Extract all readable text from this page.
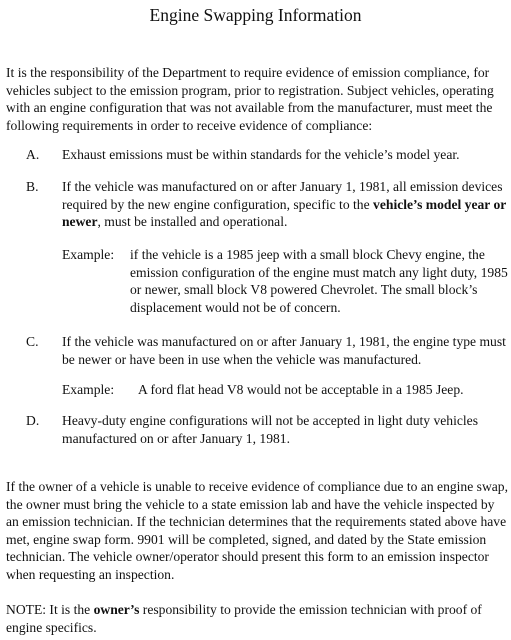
Engine Swapping Information
It is the responsibility of the Department to require evidence of emission compliance, for vehicles subject to the emission program, prior to registration. Subject vehicles, operating with an engine configuration that was not available from the manufacturer, must meet the following requirements in order to receive evidence of compliance:
A.	Exhaust emissions must be within standards for the vehicle’s model year.
B.	If the vehicle was manufactured on or after January 1, 1981, all emission devices required by the new engine configuration, specific to the vehicle’s model year or newer, must be installed and operational.
Example: if the vehicle is a 1985 jeep with a small block Chevy engine, the emission configuration of the engine must match any light duty, 1985 or newer, small block V8 powered Chevrolet. The small block’s displacement would not be of concern.
C.	If the vehicle was manufactured on or after January 1, 1981, the engine type must be newer or have been in use when the vehicle was manufactured.
Example: A ford flat head V8 would not be acceptable in a 1985 Jeep.
D.	Heavy-duty engine configurations will not be accepted in light duty vehicles manufactured on or after January 1, 1981.
If the owner of a vehicle is unable to receive evidence of compliance due to an engine swap, the owner must bring the vehicle to a state emission lab and have the vehicle inspected by an emission technician. If the technician determines that the requirements stated above have met, engine swap form. 9901 will be completed, signed, and dated by the State emission technician. The vehicle owner/operator should present this form to an emission inspector when requesting an inspection.
NOTE: It is the owner’s responsibility to provide the emission technician with proof of engine specifics.
